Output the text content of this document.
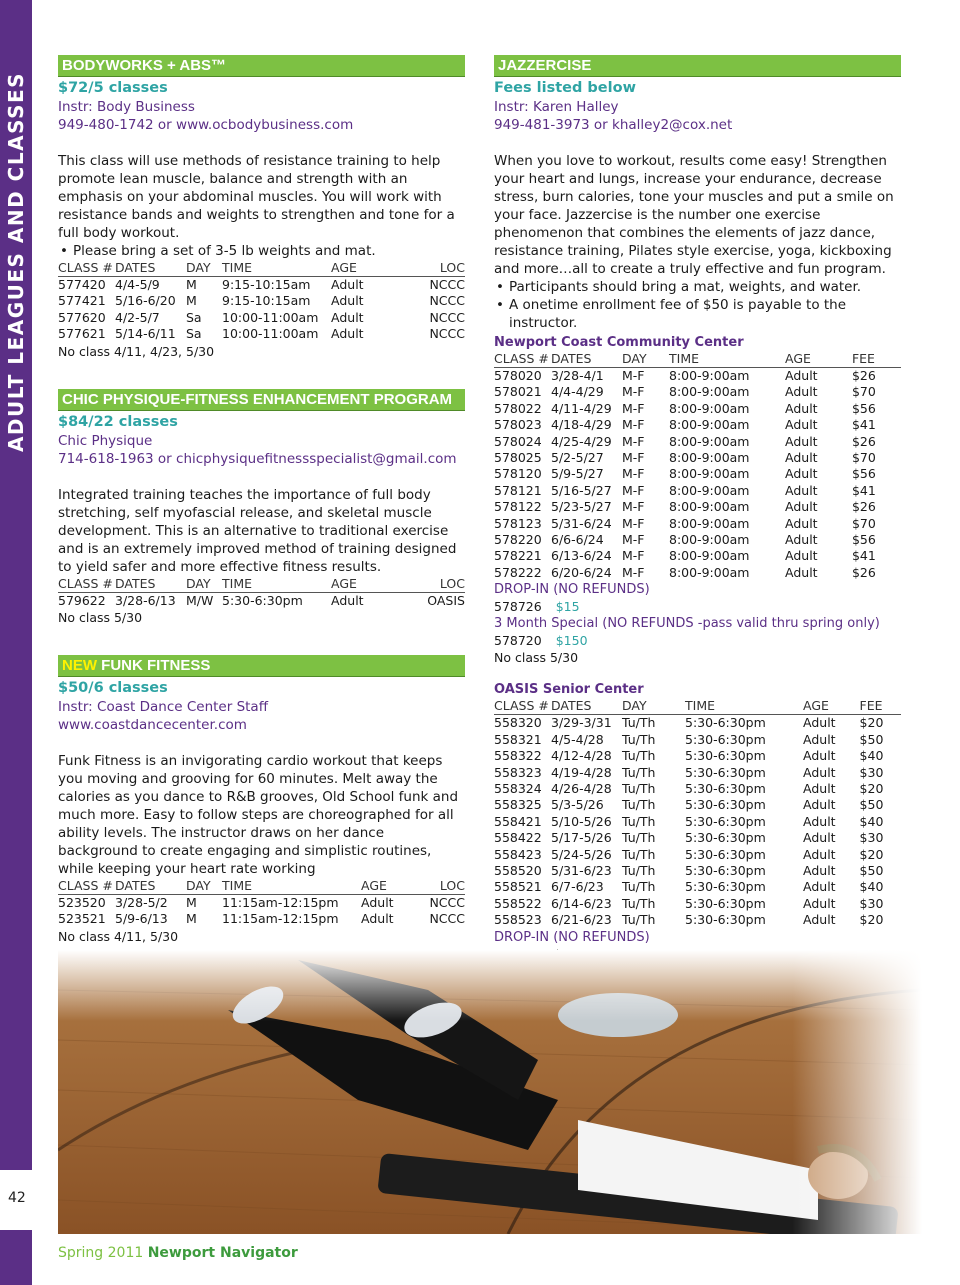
ADULT LEAGUES AND CLASSES
42
BODYWORKS + ABS™
$72/5 classes
Instr: Body Business
949-480-1742 or www.ocbodybusiness.com
This class will use methods of resistance training to help promote lean muscle, balance and strength with an emphasis on your abdominal muscles. You will work with resistance bands and weights to strengthen and tone for a full body workout.
• Please bring a set of 3-5 lb weights and mat.
CLASS #	DATES	DAY	TIME	AGE	LOC
577420	4/4-5/9	M	9:15-10:15am	Adult	NCCC
577421	5/16-6/20	M	9:15-10:15am	Adult	NCCC
577620	4/2-5/7	Sa	10:00-11:00am	Adult	NCCC
577621	5/14-6/11	Sa	10:00-11:00am	Adult	NCCC
No class 4/11, 4/23, 5/30
CHIC PHYSIQUE-FITNESS ENHANCEMENT PROGRAM
$84/22 classes
Chic Physique
714-618-1963 or chicphysiquefitnessspecialist@gmail.com
Integrated training teaches the importance of full body stretching, self myofascial release, and skeletal muscle development. This is an alternative to traditional exercise and is an extremely improved method of training designed to yield safer and more effective fitness results.
CLASS #	DATES	DAY	TIME	AGE	LOC
579622	3/28-6/13	M/W	5:30-6:30pm	Adult	OASIS
No class 5/30
NEW FUNK FITNESS
$50/6 classes
Instr: Coast Dance Center Staff
www.coastdancecenter.com
Funk Fitness is an invigorating cardio workout that keeps you moving and grooving for 60 minutes. Melt away the calories as you dance to R&B grooves, Old School funk and much more. Easy to follow steps are choreographed for all ability levels. The instructor draws on her dance background to create engaging and simplistic routines, while keeping your heart rate working
CLASS #	DATES	DAY	TIME	AGE	LOC
523520	3/28-5/2	M	11:15am-12:15pm	Adult	NCCC
523521	5/9-6/13	M	11:15am-12:15pm	Adult	NCCC
No class 4/11, 5/30
JAZZERCISE
Fees listed below
Instr: Karen Halley
949-481-3973 or khalley2@cox.net
When you love to workout, results come easy! Strengthen your heart and lungs, increase your endurance, decrease stress, burn calories, tone your muscles and put a smile on your face. Jazzercise is the number one exercise phenomenon that combines the elements of jazz dance, resistance training, Pilates style exercise, yoga, kickboxing and more…all to create a truly effective and fun program.
• Participants should bring a mat, weights, and water.
• A onetime enrollment fee of $50 is payable to the instructor.
Newport Coast Community Center
CLASS #	DATES	DAY	TIME	AGE	FEE
578020	3/28-4/1	M-F	8:00-9:00am	Adult	$26
578021	4/4-4/29	M-F	8:00-9:00am	Adult	$70
578022	4/11-4/29	M-F	8:00-9:00am	Adult	$56
578023	4/18-4/29	M-F	8:00-9:00am	Adult	$41
578024	4/25-4/29	M-F	8:00-9:00am	Adult	$26
578025	5/2-5/27	M-F	8:00-9:00am	Adult	$70
578120	5/9-5/27	M-F	8:00-9:00am	Adult	$56
578121	5/16-5/27	M-F	8:00-9:00am	Adult	$41
578122	5/23-5/27	M-F	8:00-9:00am	Adult	$26
578123	5/31-6/24	M-F	8:00-9:00am	Adult	$70
578220	6/6-6/24	M-F	8:00-9:00am	Adult	$56
578221	6/13-6/24	M-F	8:00-9:00am	Adult	$41
578222	6/20-6/24	M-F	8:00-9:00am	Adult	$26
DROP-IN (NO REFUNDS)
578726 $15
3 Month Special (NO REFUNDS -pass valid thru spring only)
578720 $150
No class 5/30
OASIS Senior Center
CLASS #	DATES	DAY	TIME	AGE	FEE
558320	3/29-3/31	Tu/Th	5:30-6:30pm	Adult	$20
558321	4/5-4/28	Tu/Th	5:30-6:30pm	Adult	$50
558322	4/12-4/28	Tu/Th	5:30-6:30pm	Adult	$40
558323	4/19-4/28	Tu/Th	5:30-6:30pm	Adult	$30
558324	4/26-4/28	Tu/Th	5:30-6:30pm	Adult	$20
558325	5/3-5/26	Tu/Th	5:30-6:30pm	Adult	$50
558421	5/10-5/26	Tu/Th	5:30-6:30pm	Adult	$40
558422	5/17-5/26	Tu/Th	5:30-6:30pm	Adult	$30
558423	5/24-5/26	Tu/Th	5:30-6:30pm	Adult	$20
558520	5/31-6/23	Tu/Th	5:30-6:30pm	Adult	$50
558521	6/7-6/23	Tu/Th	5:30-6:30pm	Adult	$40
558522	6/14-6/23	Tu/Th	5:30-6:30pm	Adult	$30
558523	6/21-6/23	Tu/Th	5:30-6:30pm	Adult	$20
DROP-IN (NO REFUNDS)
Spring 2011 Newport Navigator
